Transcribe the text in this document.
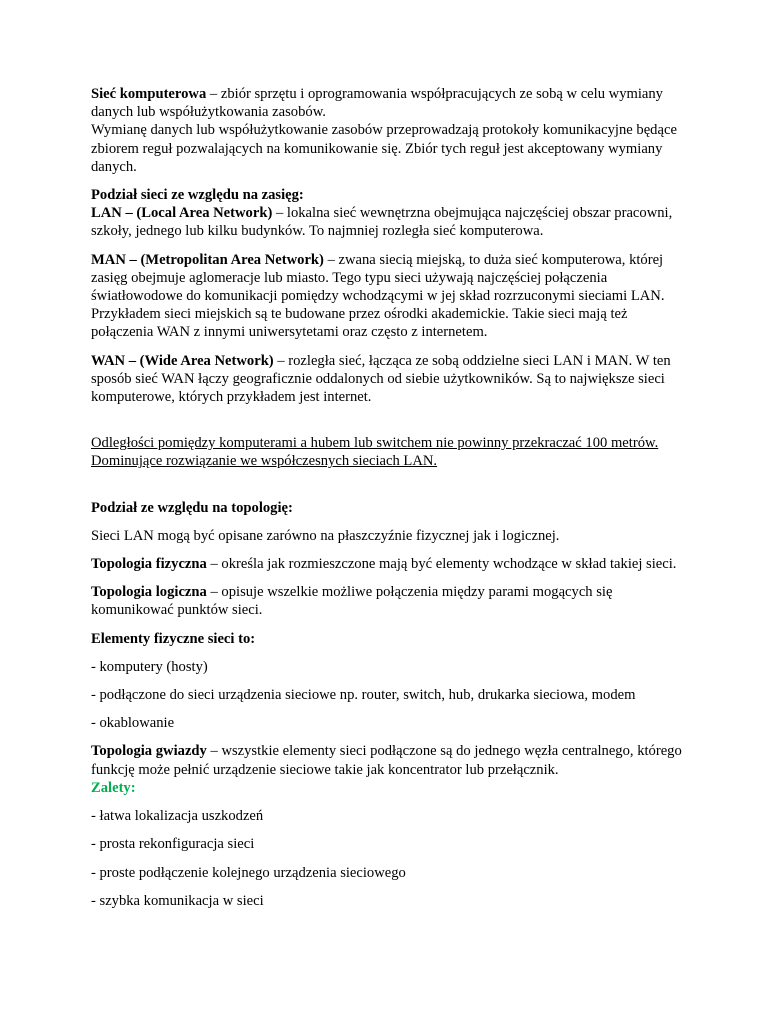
Sieć komputerowa – zbiór sprzętu i oprogramowania współpracujących ze sobą w celu wymiany danych lub współużytkowania zasobów.
Wymianę danych lub współużytkowanie zasobów przeprowadzają protokoły komunikacyjne będące zbiorem reguł pozwalających na komunikowanie się. Zbiór tych reguł jest akceptowany wymiany danych.

Podział sieci ze względu na zasięg:
LAN – (Local Area Network) – lokalna sieć wewnętrzna obejmująca najczęściej obszar pracowni, szkoły, jednego lub kilku budynków. To najmniej rozległa sieć komputerowa.

MAN – (Metropolitan Area Network) – zwana siecią miejską, to duża sieć komputerowa, której zasięg obejmuje aglomeracje lub miasto. Tego typu sieci używają najczęściej połączenia światłowodowe do komunikacji pomiędzy wchodzącymi w jej skład rozrzuconymi sieciami LAN. Przykładem sieci miejskich są te budowane przez ośrodki akademickie. Takie sieci mają też połączenia WAN z innymi uniwersytetami oraz często z internetem.

WAN – (Wide Area Network) – rozległa sieć, łącząca ze sobą oddzielne sieci LAN i MAN. W ten sposób sieć WAN łączy geograficznie oddalonych od siebie użytkowników. Są to największe sieci komputerowe, których przykładem jest internet.

Odległości pomiędzy komputerami a hubem lub switchem nie powinny przekraczać 100 metrów. Dominujące rozwiązanie we współczesnych sieciach LAN.

Podział ze względu na topologię:

Sieci LAN mogą być opisane zarówno na płaszczyźnie fizycznej jak i logicznej.

Topologia fizyczna – określa jak rozmieszczone mają być elementy wchodzące w skład takiej sieci.

Topologia logiczna – opisuje wszelkie możliwe połączenia między parami mogących się komunikować punktów sieci.

Elementy fizyczne sieci to:

- komputery (hosty)

- podłączone do sieci urządzenia sieciowe np. router, switch, hub, drukarka sieciowa, modem

- okablowanie

Topologia gwiazdy – wszystkie elementy sieci podłączone są do jednego węzła centralnego, którego funkcję może pełnić urządzenie sieciowe takie jak koncentrator lub przełącznik.
Zalety:

- łatwa lokalizacja uszkodzeń

- prosta rekonfiguracja sieci

- proste podłączenie kolejnego urządzenia sieciowego

- szybka komunikacja w sieci
